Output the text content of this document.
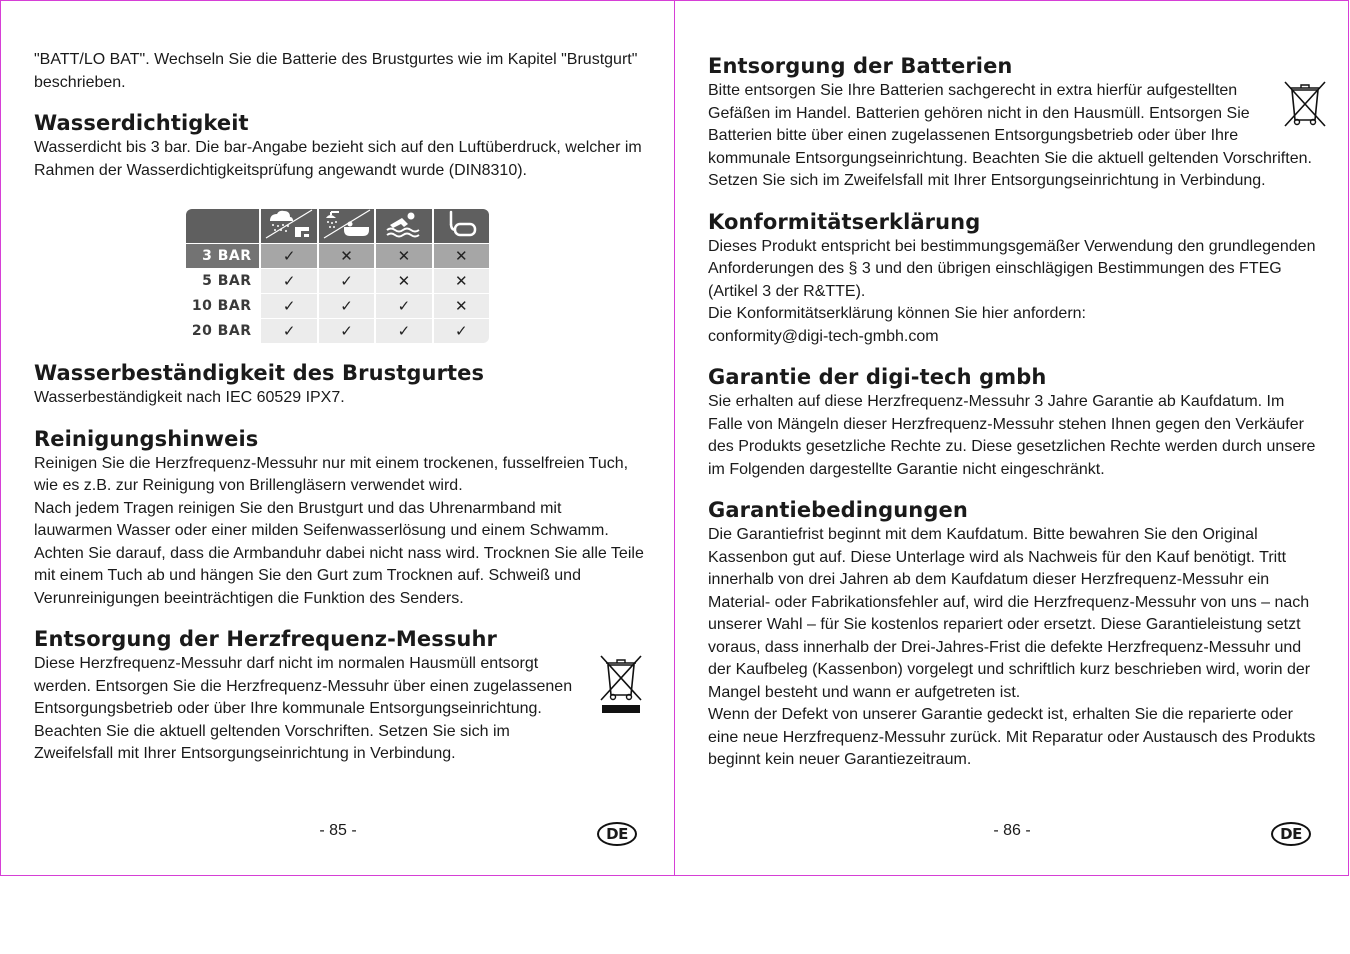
"BATT/LO BAT". Wechseln Sie die Batterie des Brustgurtes wie im Kapitel "Brustgurt" beschrieben.

Wasserdichtigkeit

Wasserdicht bis 3 bar. Die bar-Angabe bezieht sich auf den Luftüberdruck, welcher im Rahmen der Wasserdichtigkeitsprüfung angewandt wurde (DIN8310).

3 BAR	✓	✕	✕	✕
5 BAR	✓	✓	✕	✕
10 BAR	✓	✓	✓	✕
20 BAR	✓	✓	✓	✓
Wasserbeständigkeit des Brustgurtes

Wasserbeständigkeit nach IEC 60529 IPX7.

Reinigungshinweis

Reinigen Sie die Herzfrequenz-Messuhr nur mit einem trockenen, fusselfreien Tuch, wie es z.B. zur Reinigung von Brillengläsern verwendet wird.

Nach jedem Tragen reinigen Sie den Brustgurt und das Uhrenarmband mit lauwarmen Wasser oder einer milden Seifenwasserlösung und einem Schwamm. Achten Sie darauf, dass die Armbanduhr dabei nicht nass wird. Trocknen Sie alle Teile mit einem Tuch ab und hängen Sie den Gurt zum Trocknen auf. Schweiß und Verunreinigungen beeinträchtigen die Funktion des Senders.

Entsorgung der Herzfrequenz-Messuhr

Diese Herzfrequenz-Messuhr darf nicht im normalen Hausmüll entsorgt werden. Entsorgen Sie die Herzfrequenz-Messuhr über einen zugelassenen Entsorgungsbetrieb oder über Ihre kommunale Entsorgungseinrichtung. Beachten Sie die aktuell geltenden Vorschriften. Setzen Sie sich im Zweifelsfall mit Ihrer Entsorgungseinrichtung in Verbindung.

- 85 -	DE
Entsorgung der Batterien

Bitte entsorgen Sie Ihre Batterien sachgerecht in extra hierfür aufgestellten Gefäßen im Handel. Batterien gehören nicht in den Hausmüll. Entsorgen Sie Batterien bitte über einen zugelassenen Entsorgungsbetrieb oder über Ihre kommunale Entsorgungseinrichtung. Beachten Sie die aktuell geltenden Vorschriften. Setzen Sie sich im Zweifelsfall mit Ihrer Entsorgungseinrichtung in Verbindung.

Konformitätserklärung

Dieses Produkt entspricht bei bestimmungsgemäßer Verwendung den grundlegenden Anforderungen des § 3 und den übrigen einschlägigen Bestimmungen des FTEG (Artikel 3 der R&TTE).

Die Konformitätserklärung können Sie hier anfordern:

conformity@digi-tech-gmbh.com

Garantie der digi-tech gmbh

Sie erhalten auf diese Herzfrequenz-Messuhr 3 Jahre Garantie ab Kaufdatum. Im Falle von Mängeln dieser Herzfrequenz-Messuhr stehen Ihnen gegen den Verkäufer des Produkts gesetzliche Rechte zu. Diese gesetzlichen Rechte werden durch unsere im Folgenden dargestellte Garantie nicht eingeschränkt.

Garantiebedingungen

Die Garantiefrist beginnt mit dem Kaufdatum. Bitte bewahren Sie den Original Kassenbon gut auf. Diese Unterlage wird als Nachweis für den Kauf benötigt. Tritt innerhalb von drei Jahren ab dem Kaufdatum dieser Herzfrequenz-Messuhr ein Material- oder Fabrikationsfehler auf, wird die Herzfrequenz-Messuhr von uns – nach unserer Wahl – für Sie kostenlos repariert oder ersetzt. Diese Garantieleistung setzt voraus, dass innerhalb der Drei-Jahres-Frist die defekte Herzfrequenz-Messuhr und der Kaufbeleg (Kassenbon) vorgelegt und schriftlich kurz beschrieben wird, worin der Mangel besteht und wann er aufgetreten ist.

Wenn der Defekt von unserer Garantie gedeckt ist, erhalten Sie die reparierte oder eine neue Herzfrequenz-Messuhr zurück. Mit Reparatur oder Austausch des Produkts beginnt kein neuer Garantiezeitraum.

- 86 -	DE
